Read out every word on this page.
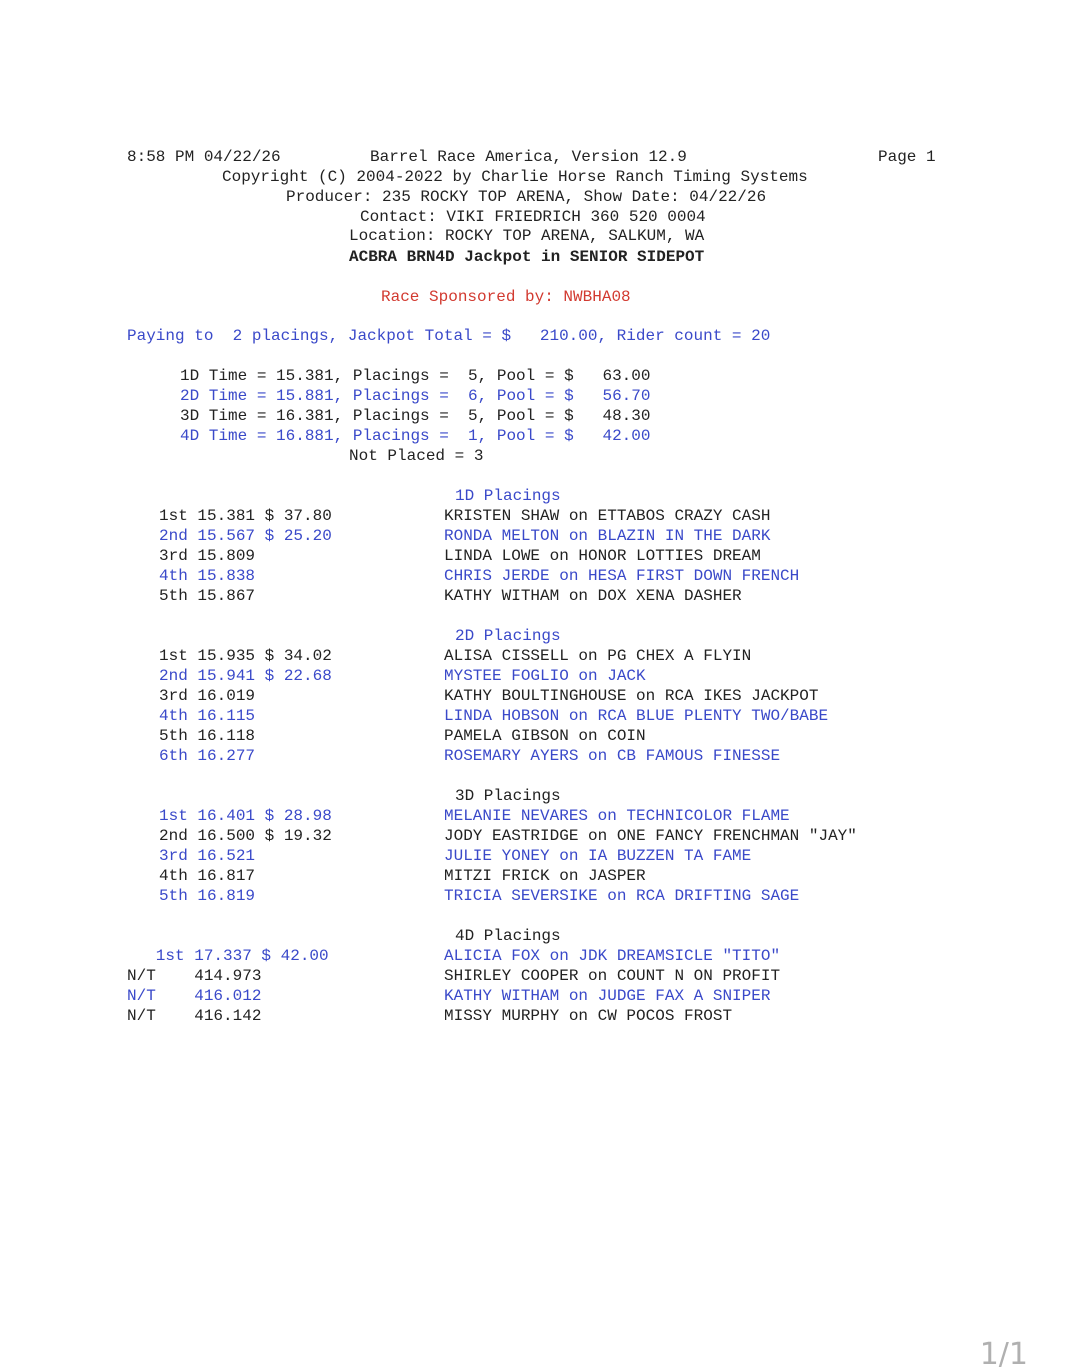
8:58 PM 04/22/26	Barrel Race America, Version 12.9	Page 1
Copyright (C) 2004-2022 by Charlie Horse Ranch Timing Systems
Producer: 235 ROCKY TOP ARENA, Show Date: 04/22/26
Contact: VIKI FRIEDRICH 360 520 0004
Location: ROCKY TOP ARENA, SALKUM, WA
ACBRA BRN4D Jackpot in SENIOR SIDEPOT
Race Sponsored by: NWBHA08
Paying to  2 placings, Jackpot Total = $   210.00, Rider count = 20
1D Time = 15.381, Placings =  5, Pool = $   63.00
2D Time = 15.881, Placings =  6, Pool = $   56.70
3D Time = 16.381, Placings =  5, Pool = $   48.30
4D Time = 16.881, Placings =  1, Pool = $   42.00
Not Placed = 3
1D Placings
1st 15.381 $ 37.80	KRISTEN SHAW on ETTABOS CRAZY CASH
2nd 15.567 $ 25.20	RONDA MELTON on BLAZIN IN THE DARK
3rd 15.809	LINDA LOWE on HONOR LOTTIES DREAM
4th 15.838	CHRIS JERDE on HESA FIRST DOWN FRENCH
5th 15.867	KATHY WITHAM on DOX XENA DASHER
2D Placings
1st 15.935 $ 34.02	ALISA CISSELL on PG CHEX A FLYIN
2nd 15.941 $ 22.68	MYSTEE FOGLIO on JACK
3rd 16.019	KATHY BOULTINGHOUSE on RCA IKES JACKPOT
4th 16.115	LINDA HOBSON on RCA BLUE PLENTY TWO/BABE
5th 16.118	PAMELA GIBSON on COIN
6th 16.277	ROSEMARY AYERS on CB FAMOUS FINESSE
3D Placings
1st 16.401 $ 28.98	MELANIE NEVARES on TECHNICOLOR FLAME
2nd 16.500 $ 19.32	JODY EASTRIDGE on ONE FANCY FRENCHMAN "JAY"
3rd 16.521	JULIE YONEY on IA BUZZEN TA FAME
4th 16.817	MITZI FRICK on JASPER
5th 16.819	TRICIA SEVERSIKE on RCA DRIFTING SAGE
4D Placings
1st 17.337 $ 42.00	ALICIA FOX on JDK DREAMSICLE "TITO"
N/T    414.973	SHIRLEY COOPER on COUNT N ON PROFIT
N/T    416.012	KATHY WITHAM on JUDGE FAX A SNIPER
N/T    416.142	MISSY MURPHY on CW POCOS FROST
1/1
